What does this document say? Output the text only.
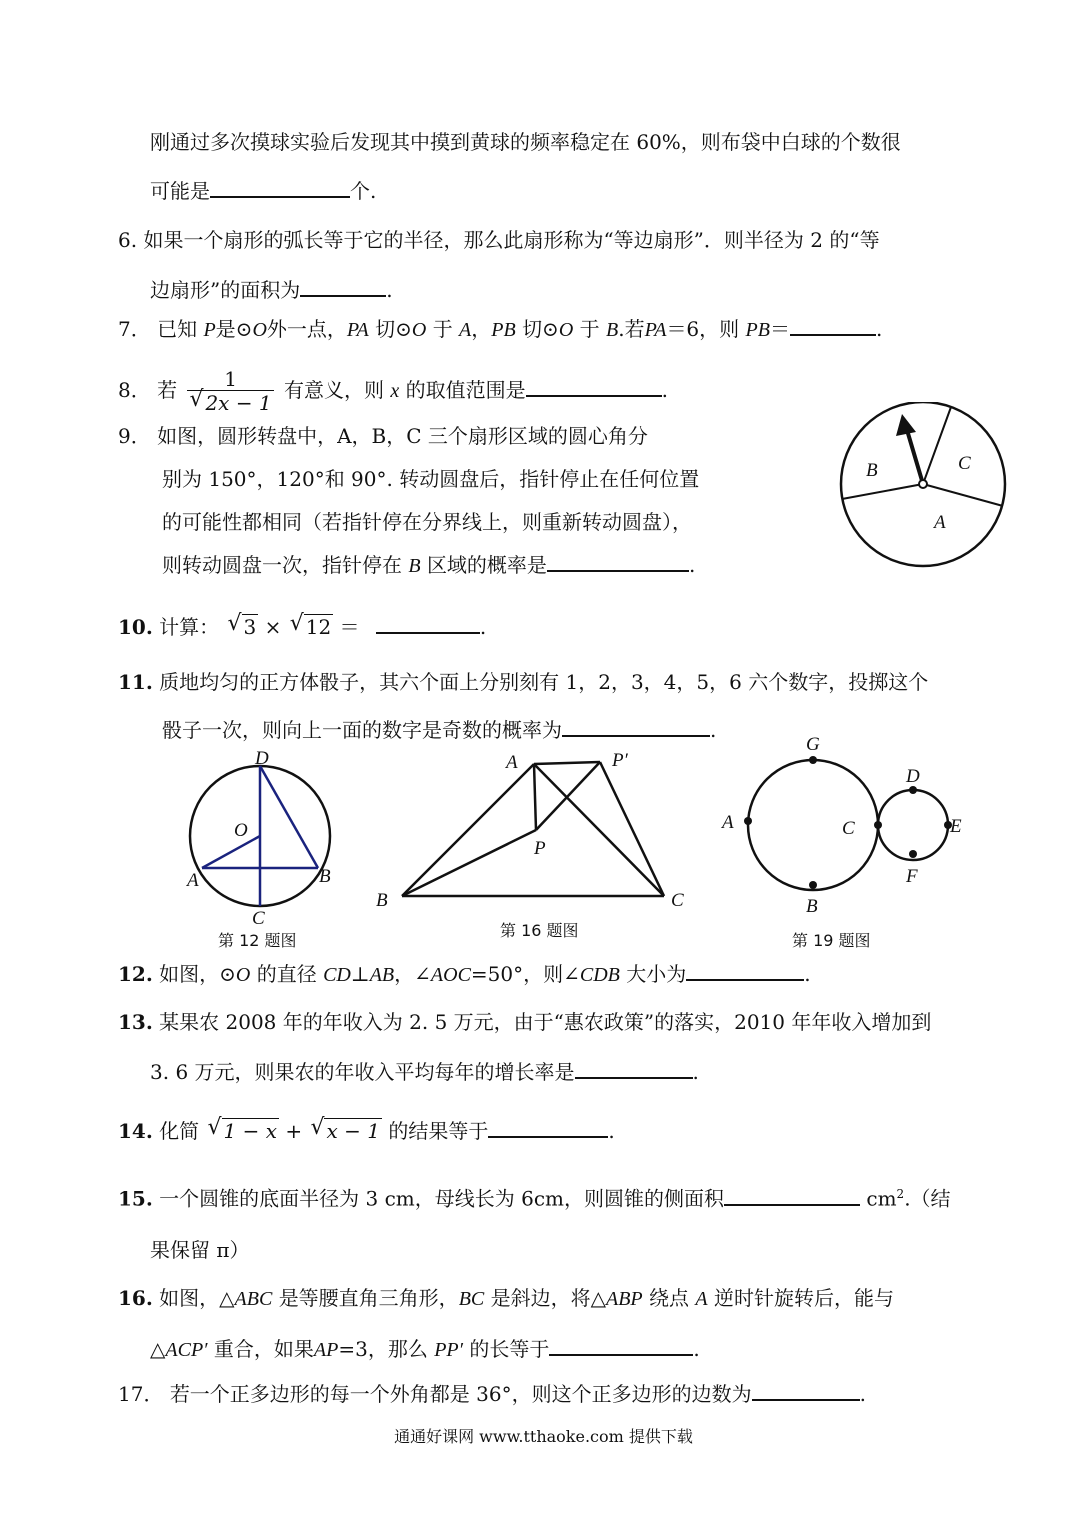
刚通过多次摸球实验后发现其中摸到黄球的频率稳定在 60%，则布袋中白球的个数很
可能是	个.
6. 如果一个扇形的弧长等于它的半径，那么此扇形称为“等边扇形”．则半径为 2 的“等
边扇形”的面积为	.
7． 已知 P是⊙O外一点，PA 切⊙O 于 A，PB 切⊙O 于 B.若PA＝6，则 PB＝	.
8． 若 1
√ 2x − 1 有意义，则 x 的取值范围是	.
9． 如图，圆形转盘中，A，B，C 三个扇形区域的圆心角分
别为 150°，120°和 90°. 转动圆盘后，指针停止在任何位置
的可能性都相同（若指针停在分界线上，则重新转动圆盘），
则转动圆盘一次，指针停在 B 区域的概率是	.
B	C
A
10. 计算： √ 3 × √ 12 ＝	.
11. 质地均匀的正方体骰子，其六个面上分别刻有 1，2，3，4，5，6 六个数字，投掷这个
骰子一次，则向上一面的数字是奇数的概率为	.
D
O
A	B
C
第 12 题图
A	P′
P
B	C
第 16 题图
G
D
A	C	E
F
B
第 19 题图
12. 如图，⊙O 的直径 CD⊥AB，∠AOC=50°，则∠CDB 大小为	.
13. 某果农 2008 年的年收入为 2. 5 万元，由于“惠农政策”的落实，2010 年年收入增加到
3. 6 万元，则果农的年收入平均每年的增长率是	.
14. 化简 √ 1 − x + √ x − 1 的结果等于	.
15. 一个圆锥的底面半径为 3 cm，母线长为 6cm，则圆锥的侧面积	$cm^2$.（结
果保留 π）
16. 如图，△ABC 是等腰直角三角形，BC 是斜边，将△ABP 绕点 A 逆时针旋转后，能与
△ACP′ 重合，如果AP=3，那么 PP′ 的长等于	.
17． 若一个正多边形的每一个外角都是 36°，则这个正多边形的边数为	.
通通好课网 www.tthaoke.com 提供下载
